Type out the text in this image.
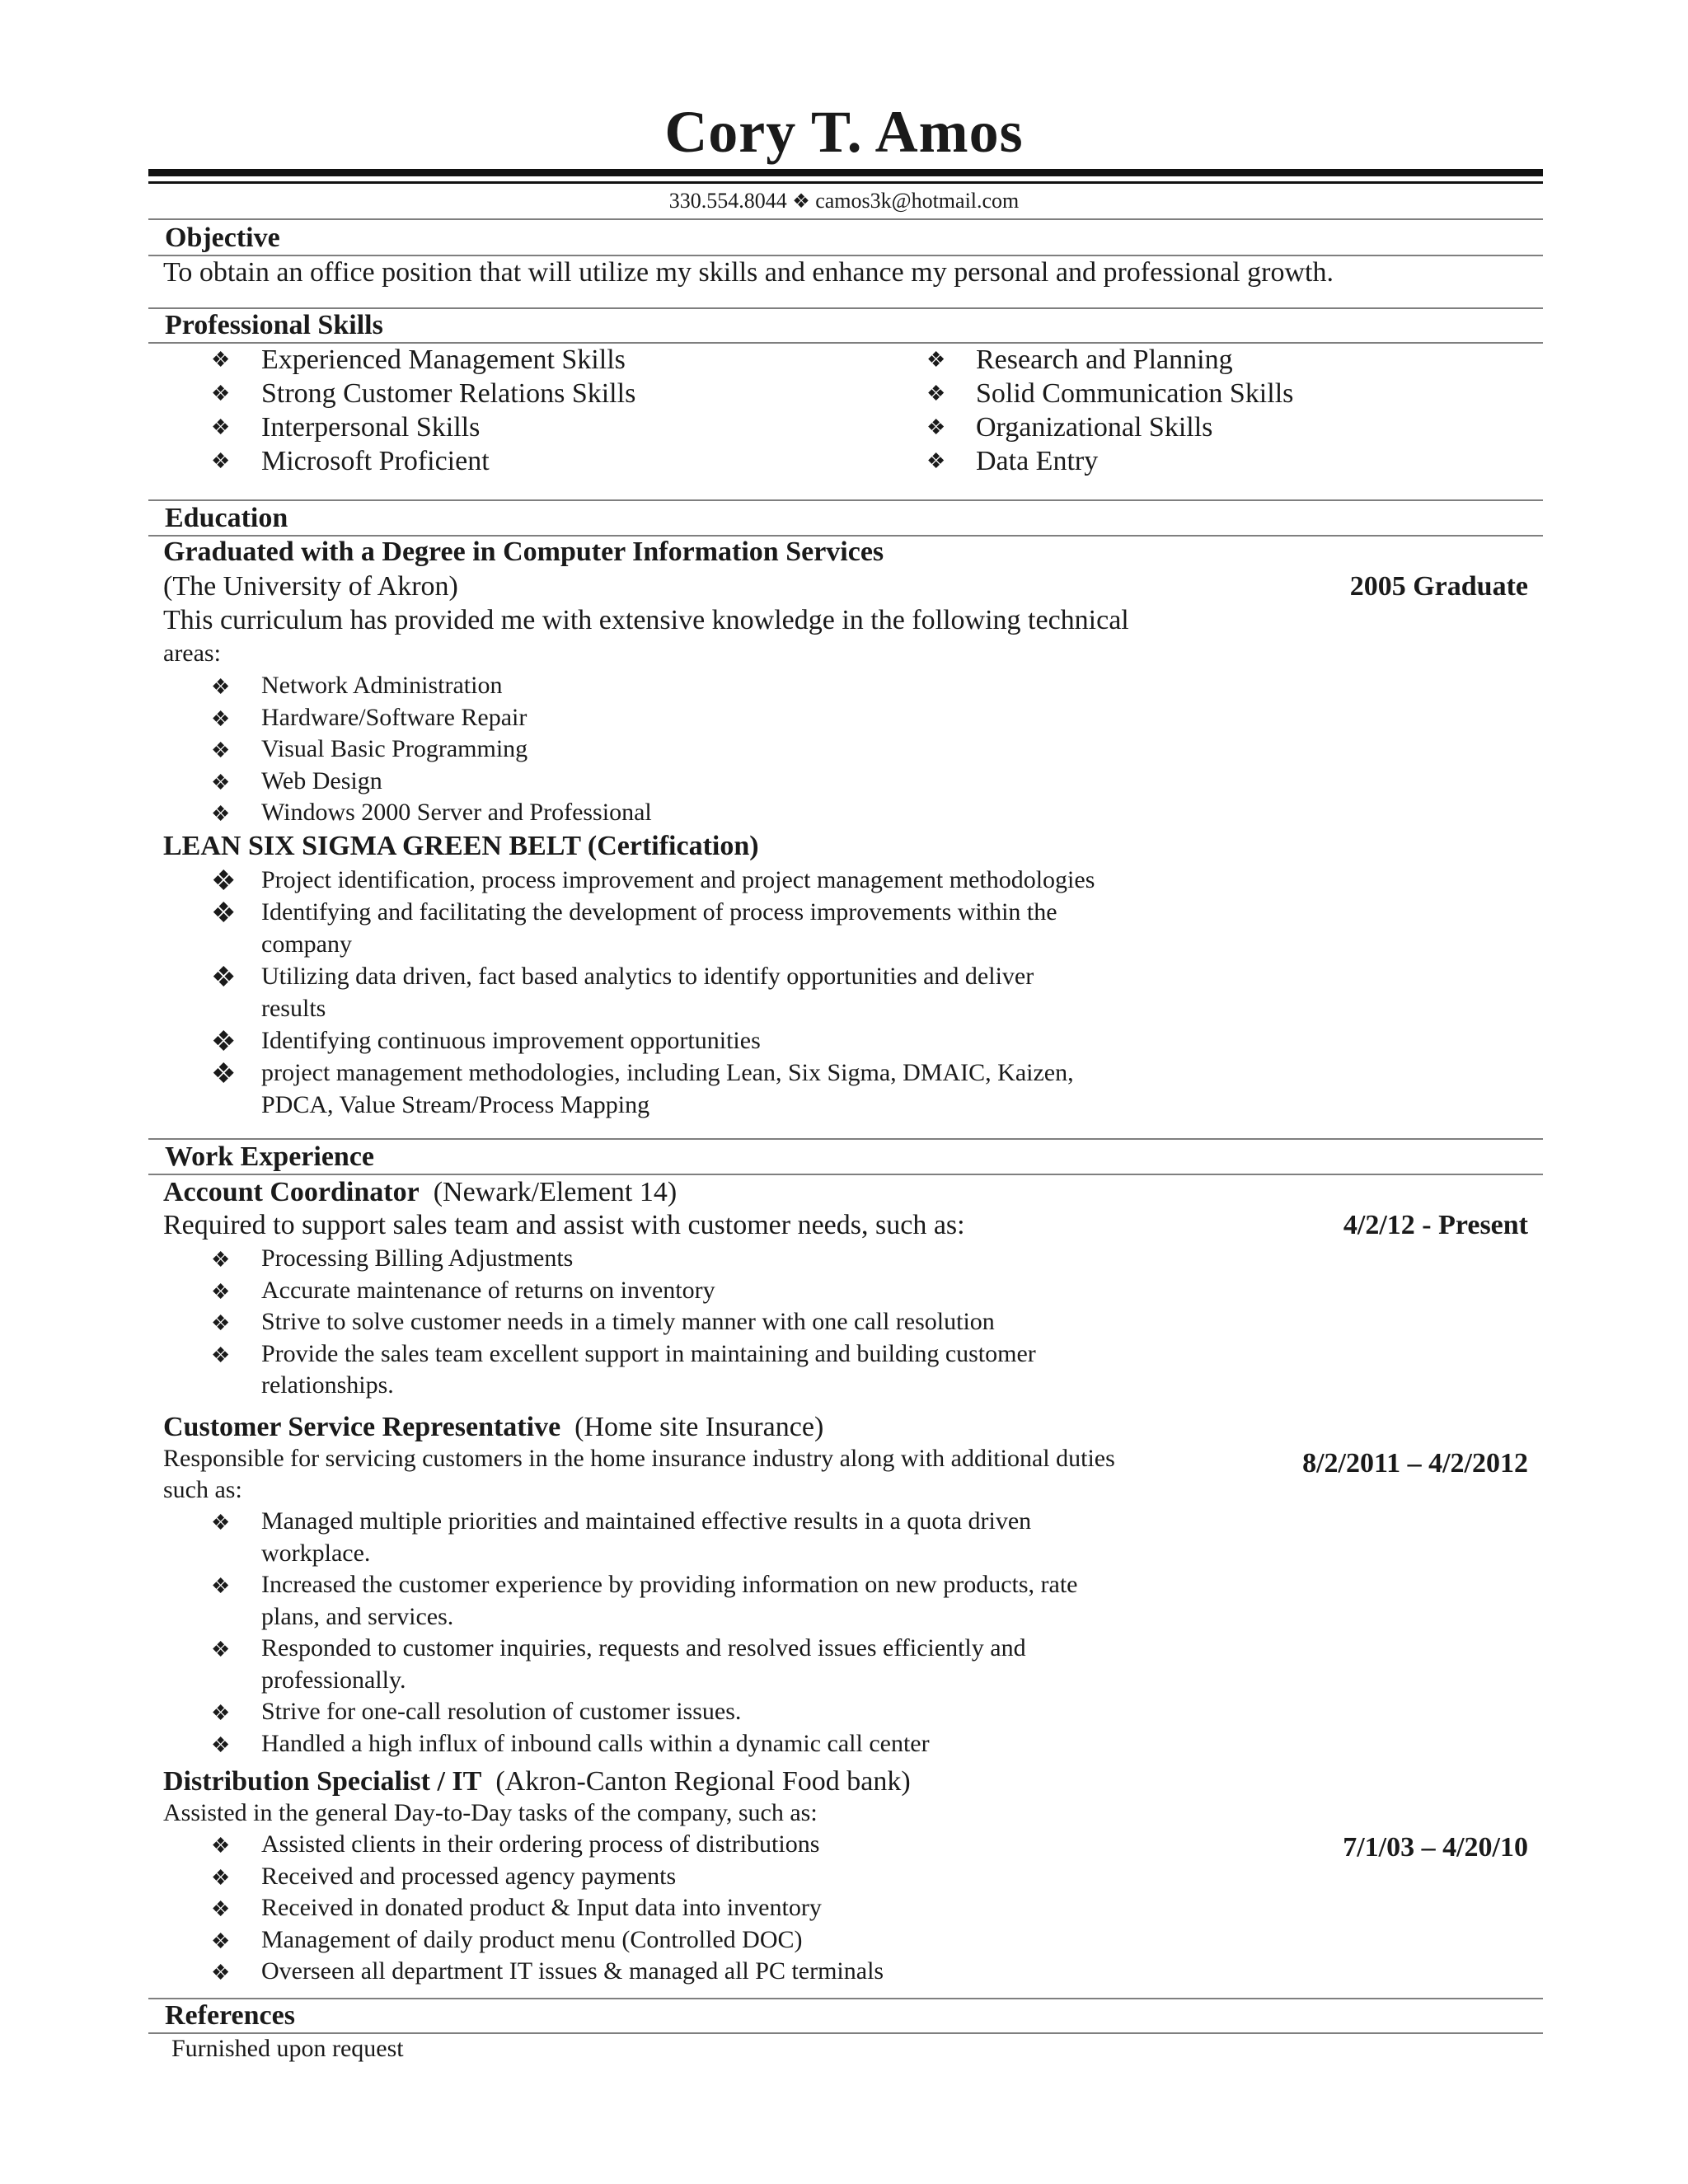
Cory T. Amos
330.554.8044 ❖ camos3k@hotmail.com
Objective
To obtain an office position that will utilize my skills and enhance my personal and professional growth.
Professional Skills
❖ Experienced Management Skills
❖ Strong Customer Relations Skills
❖ Interpersonal Skills
❖ Microsoft Proficient
❖ Research and Planning
❖ Solid Communication Skills
❖ Organizational Skills
❖ Data Entry
Education
Graduated with a Degree in Computer Information Services
(The University of Akron)	2005 Graduate
This curriculum has provided me with extensive knowledge in the following technical
areas:
❖ Network Administration
❖ Hardware/Software Repair
❖ Visual Basic Programming
❖ Web Design
❖ Windows 2000 Server and Professional
LEAN SIX SIGMA GREEN BELT (Certification)
❖ Project identification, process improvement and project management methodologies
❖ Identifying and facilitating the development of process improvements within the
company
❖ Utilizing data driven, fact based analytics to identify opportunities and deliver
results
❖ Identifying continuous improvement opportunities
❖ project management methodologies, including Lean, Six Sigma, DMAIC, Kaizen,
PDCA, Value Stream/Process Mapping
Work Experience
Account Coordinator  (Newark/Element 14)
4/2/12 - Present
Required to support sales team and assist with customer needs, such as:
❖ Processing Billing Adjustments
❖ Accurate maintenance of returns on inventory
❖ Strive to solve customer needs in a timely manner with one call resolution
❖ Provide the sales team excellent support in maintaining and building customer
relationships.
Customer Service Representative  (Home site Insurance)
8/2/2011 – 4/2/2012
Responsible for servicing customers in the home insurance industry along with additional duties
such as:
❖ Managed multiple priorities and maintained effective results in a quota driven
workplace.
❖ Increased the customer experience by providing information on new products, rate
plans, and services.
❖ Responded to customer inquiries, requests and resolved issues efficiently and
professionally.
❖ Strive for one-call resolution of customer issues.
❖ Handled a high influx of inbound calls within a dynamic call center
Distribution Specialist / IT  (Akron-Canton Regional Food bank)
7/1/03 – 4/20/10
Assisted in the general Day-to-Day tasks of the company, such as:
❖ Assisted clients in their ordering process of distributions
❖ Received and processed agency payments
❖ Received in donated product & Input data into inventory
❖ Management of daily product menu (Controlled DOC)
❖ Overseen all department IT issues & managed all PC terminals
References
Furnished upon request
